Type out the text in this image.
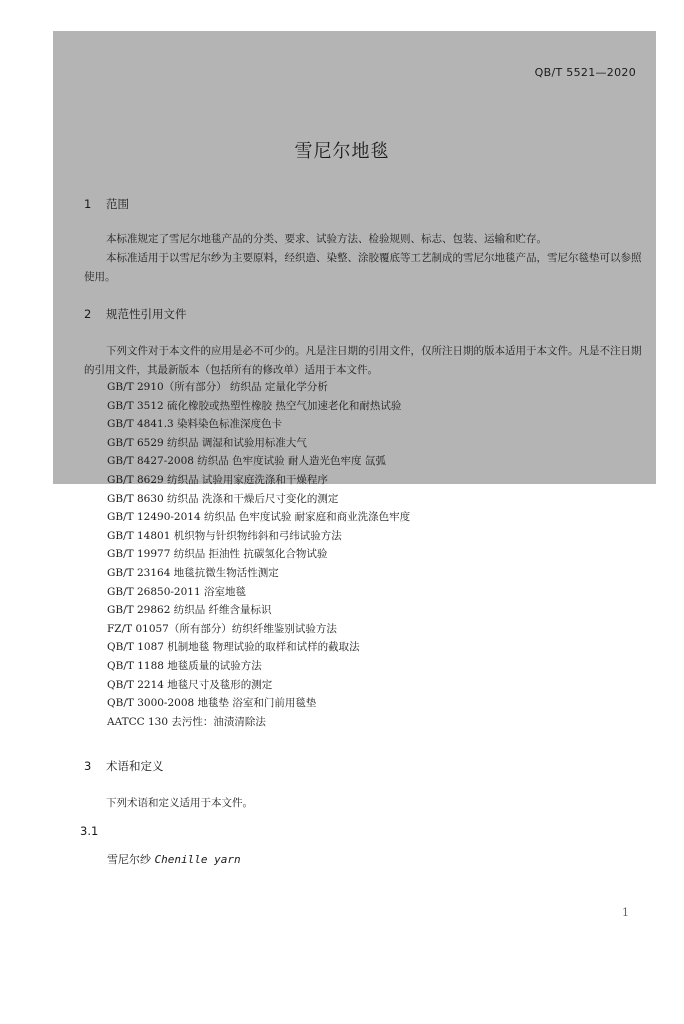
QB/T 5521—2020
雪尼尔地毯
1 范围
本标准规定了雪尼尔地毯产品的分类、要求、试验方法、检验规则、标志、包装、运输和贮存。
本标准适用于以雪尼尔纱为主要原料，经织造、染整、涂胶覆底等工艺制成的雪尼尔地毯产品，雪尼尔毯垫可以参照使用。
2 规范性引用文件
下列文件对于本文件的应用是必不可少的。凡是注日期的引用文件，仅所注日期的版本适用于本文件。凡是不注日期的引用文件，其最新版本（包括所有的修改单）适用于本文件。
GB/T 2910（所有部分） 纺织品 定量化学分析
GB/T 3512 硫化橡胶或热塑性橡胶 热空气加速老化和耐热试验
GB/T 4841.3 染料染色标准深度色卡
GB/T 6529 纺织品 调湿和试验用标准大气
GB/T 8427-2008 纺织品 色牢度试验 耐人造光色牢度 氙弧
GB/T 8629 纺织品 试验用家庭洗涤和干燥程序
GB/T 8630 纺织品 洗涤和干燥后尺寸变化的测定
GB/T 12490-2014 纺织品 色牢度试验 耐家庭和商业洗涤色牢度
GB/T 14801 机织物与针织物纬斜和弓纬试验方法
GB/T 19977 纺织品 拒油性 抗碳氢化合物试验
GB/T 23164 地毯抗微生物活性测定
GB/T 26850-2011 浴室地毯
GB/T 29862 纺织品 纤维含量标识
FZ/T 01057（所有部分）纺织纤维鉴别试验方法
QB/T 1087 机制地毯 物理试验的取样和试样的截取法
QB/T 1188 地毯质量的试验方法
QB/T 2214 地毯尺寸及毯形的测定
QB/T 3000-2008 地毯垫 浴室和门前用毯垫
AATCC 130 去污性：油渍清除法
3 术语和定义
下列术语和定义适用于本文件。
3.1
雪尼尔纱 Chenille yarn
1
